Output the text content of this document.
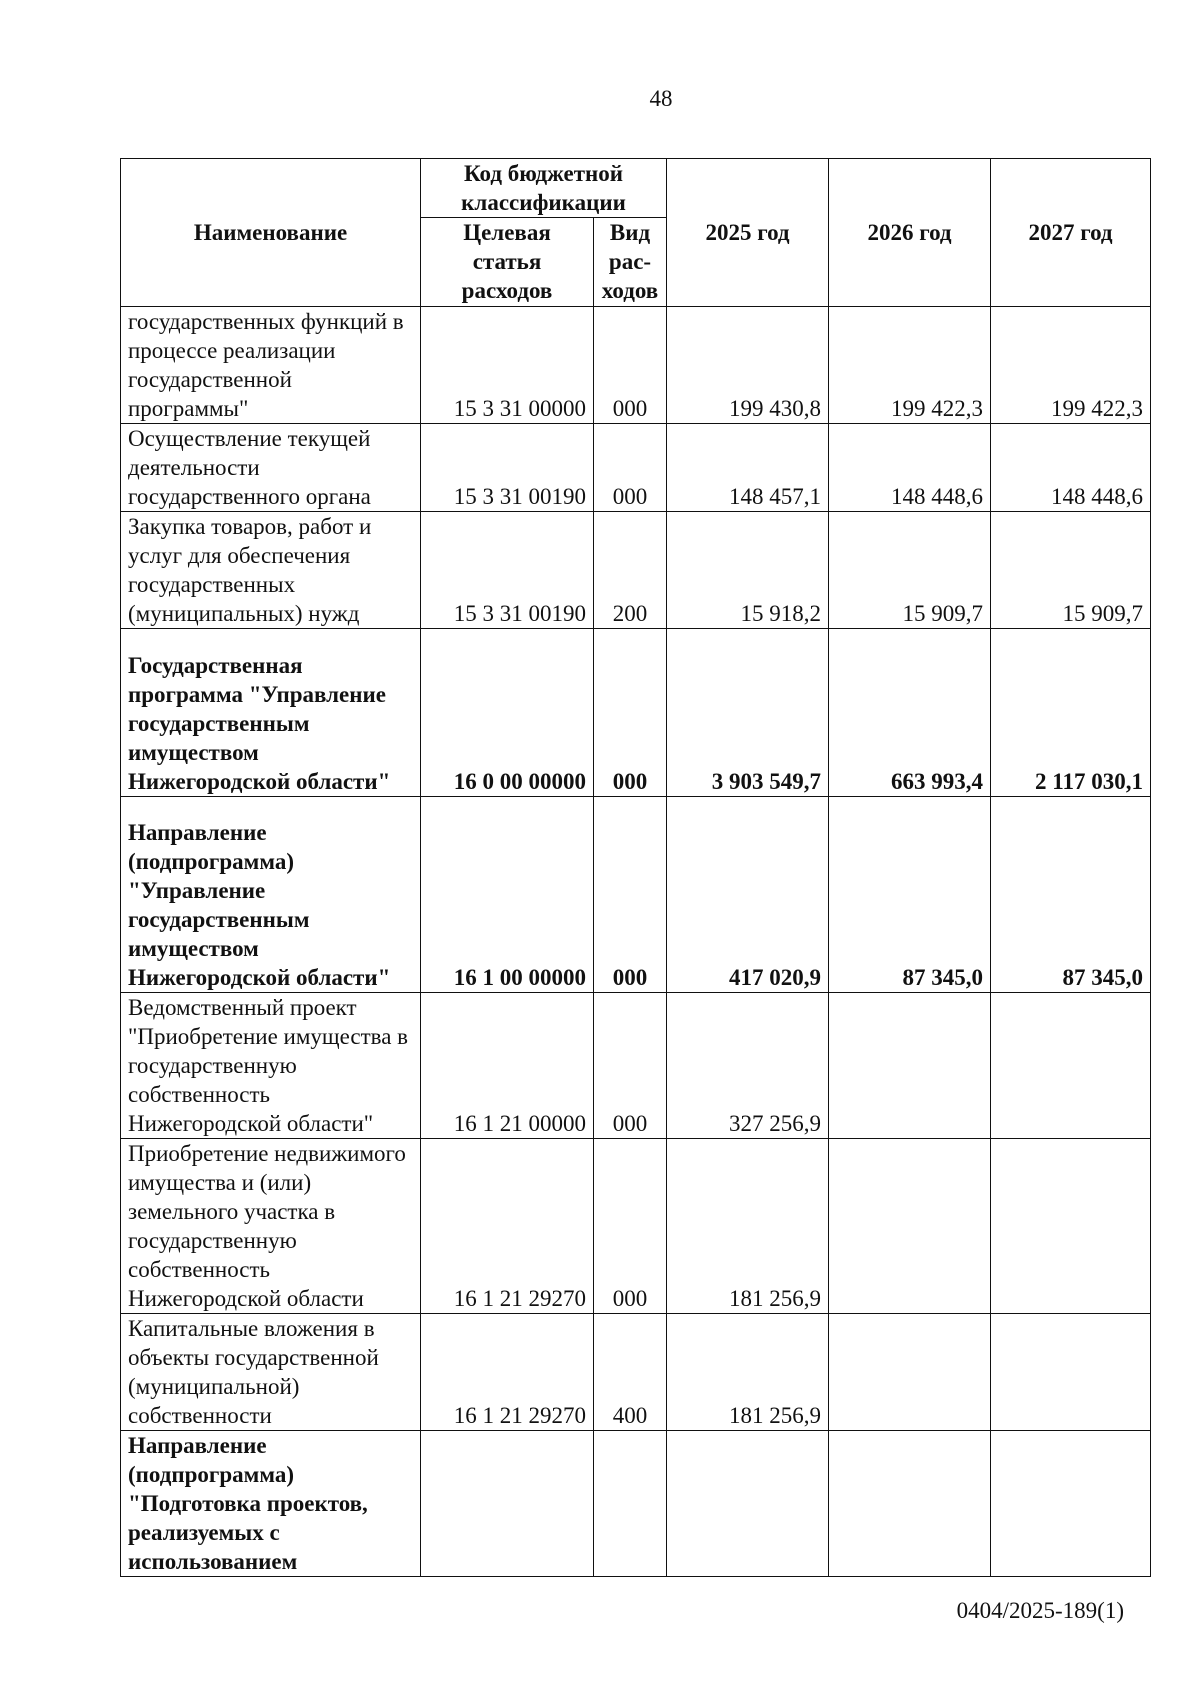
48
Наименование	Код бюджетной классификации		2025 год	2026 год	2027 год
	Целевая статья расходов	Вид рас-ходов			
государственных функций в процессе реализации государственной программы"	15 3 31 00000	000	199 430,8	199 422,3	199 422,3
Осуществление текущей деятельности государственного органа	15 3 31 00190	000	148 457,1	148 448,6	148 448,6
Закупка товаров, работ и услуг для обеспечения государственных (муниципальных) нужд	15 3 31 00190	200	15 918,2	15 909,7	15 909,7
Государственная программа "Управление государственным имуществом Нижегородской области"	16 0 00 00000	000	3 903 549,7	663 993,4	2 117 030,1
Направление (подпрограмма) "Управление государственным имуществом Нижегородской области"	16 1 00 00000	000	417 020,9	87 345,0	87 345,0
Ведомственный проект "Приобретение имущества в государственную собственность Нижегородской области"	16 1 21 00000	000	327 256,9		
Приобретение недвижимого имущества и (или) земельного участка в государственную собственность Нижегородской области	16 1 21 29270	000	181 256,9		
Капитальные вложения в объекты государственной (муниципальной) собственности	16 1 21 29270	400	181 256,9		
Направление (подпрограмма) "Подготовка проектов, реализуемых с использованием					
0404/2025-189(1)
